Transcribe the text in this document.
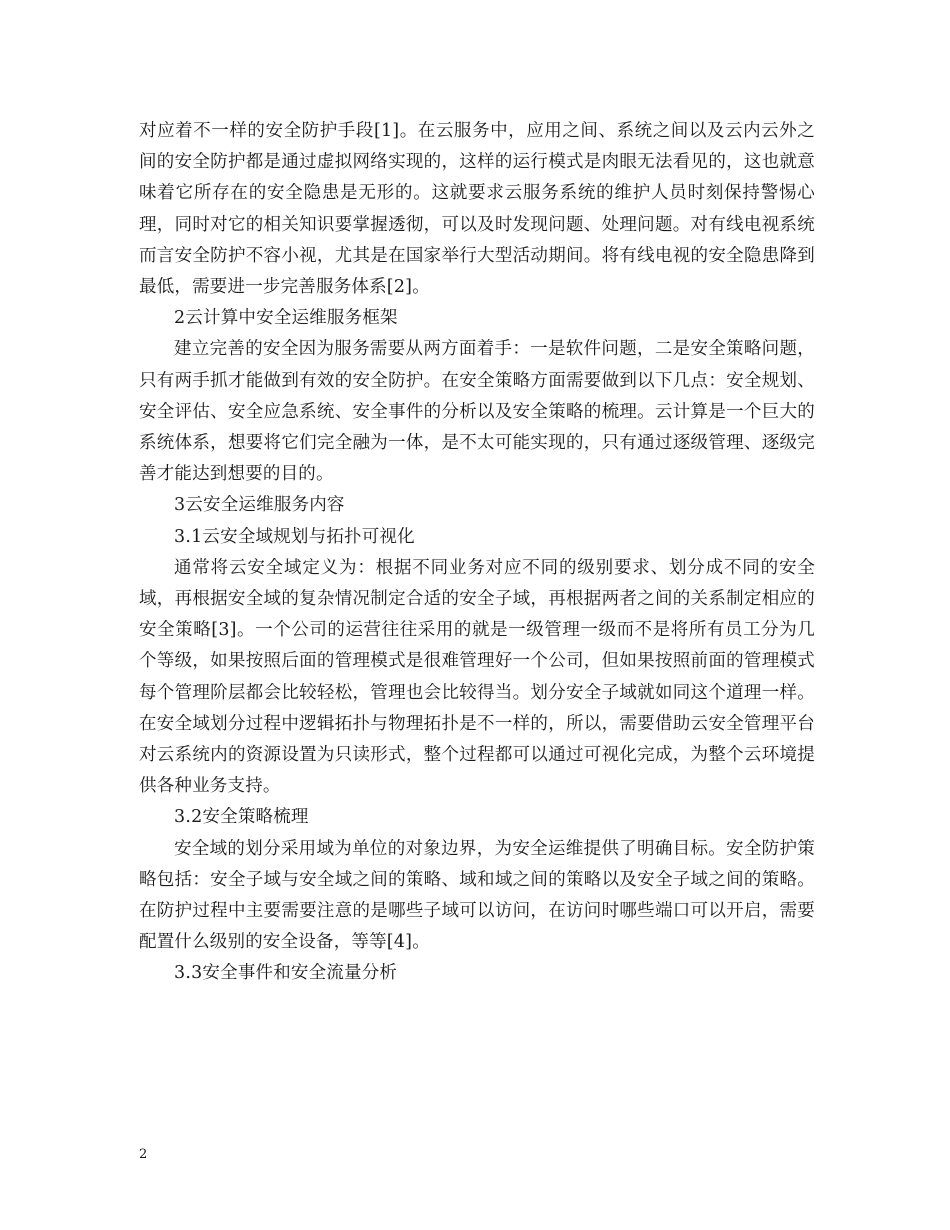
对应着不一样的安全防护手段[1]。在云服务中，应用之间、系统之间以及云内云外之间的安全防护都是通过虚拟网络实现的，这样的运行模式是肉眼无法看见的，这也就意味着它所存在的安全隐患是无形的。这就要求云服务系统的维护人员时刻保持警惕心理，同时对它的相关知识要掌握透彻，可以及时发现问题、处理问题。对有线电视系统而言安全防护不容小视，尤其是在国家举行大型活动期间。将有线电视的安全隐患降到最低，需要进一步完善服务体系[2]。

2云计算中安全运维服务框架

建立完善的安全因为服务需要从两方面着手：一是软件问题，二是安全策略问题，只有两手抓才能做到有效的安全防护。在安全策略方面需要做到以下几点：安全规划、安全评估、安全应急系统、安全事件的分析以及安全策略的梳理。云计算是一个巨大的系统体系，想要将它们完全融为一体，是不太可能实现的，只有通过逐级管理、逐级完善才能达到想要的目的。

3云安全运维服务内容

3.1云安全域规划与拓扑可视化

通常将云安全域定义为：根据不同业务对应不同的级别要求、划分成不同的安全域，再根据安全域的复杂情况制定合适的安全子域，再根据两者之间的关系制定相应的安全策略[3]。一个公司的运营往往采用的就是一级管理一级而不是将所有员工分为几个等级，如果按照后面的管理模式是很难管理好一个公司，但如果按照前面的管理模式每个管理阶层都会比较轻松，管理也会比较得当。划分安全子域就如同这个道理一样。在安全域划分过程中逻辑拓扑与物理拓扑是不一样的，所以，需要借助云安全管理平台对云系统内的资源设置为只读形式，整个过程都可以通过可视化完成，为整个云环境提供各种业务支持。

3.2安全策略梳理

安全域的划分采用域为单位的对象边界，为安全运维提供了明确目标。安全防护策略包括：安全子域与安全域之间的策略、域和域之间的策略以及安全子域之间的策略。在防护过程中主要需要注意的是哪些子域可以访问，在访问时哪些端口可以开启，需要配置什么级别的安全设备，等等[4]。

3.3安全事件和安全流量分析

2
